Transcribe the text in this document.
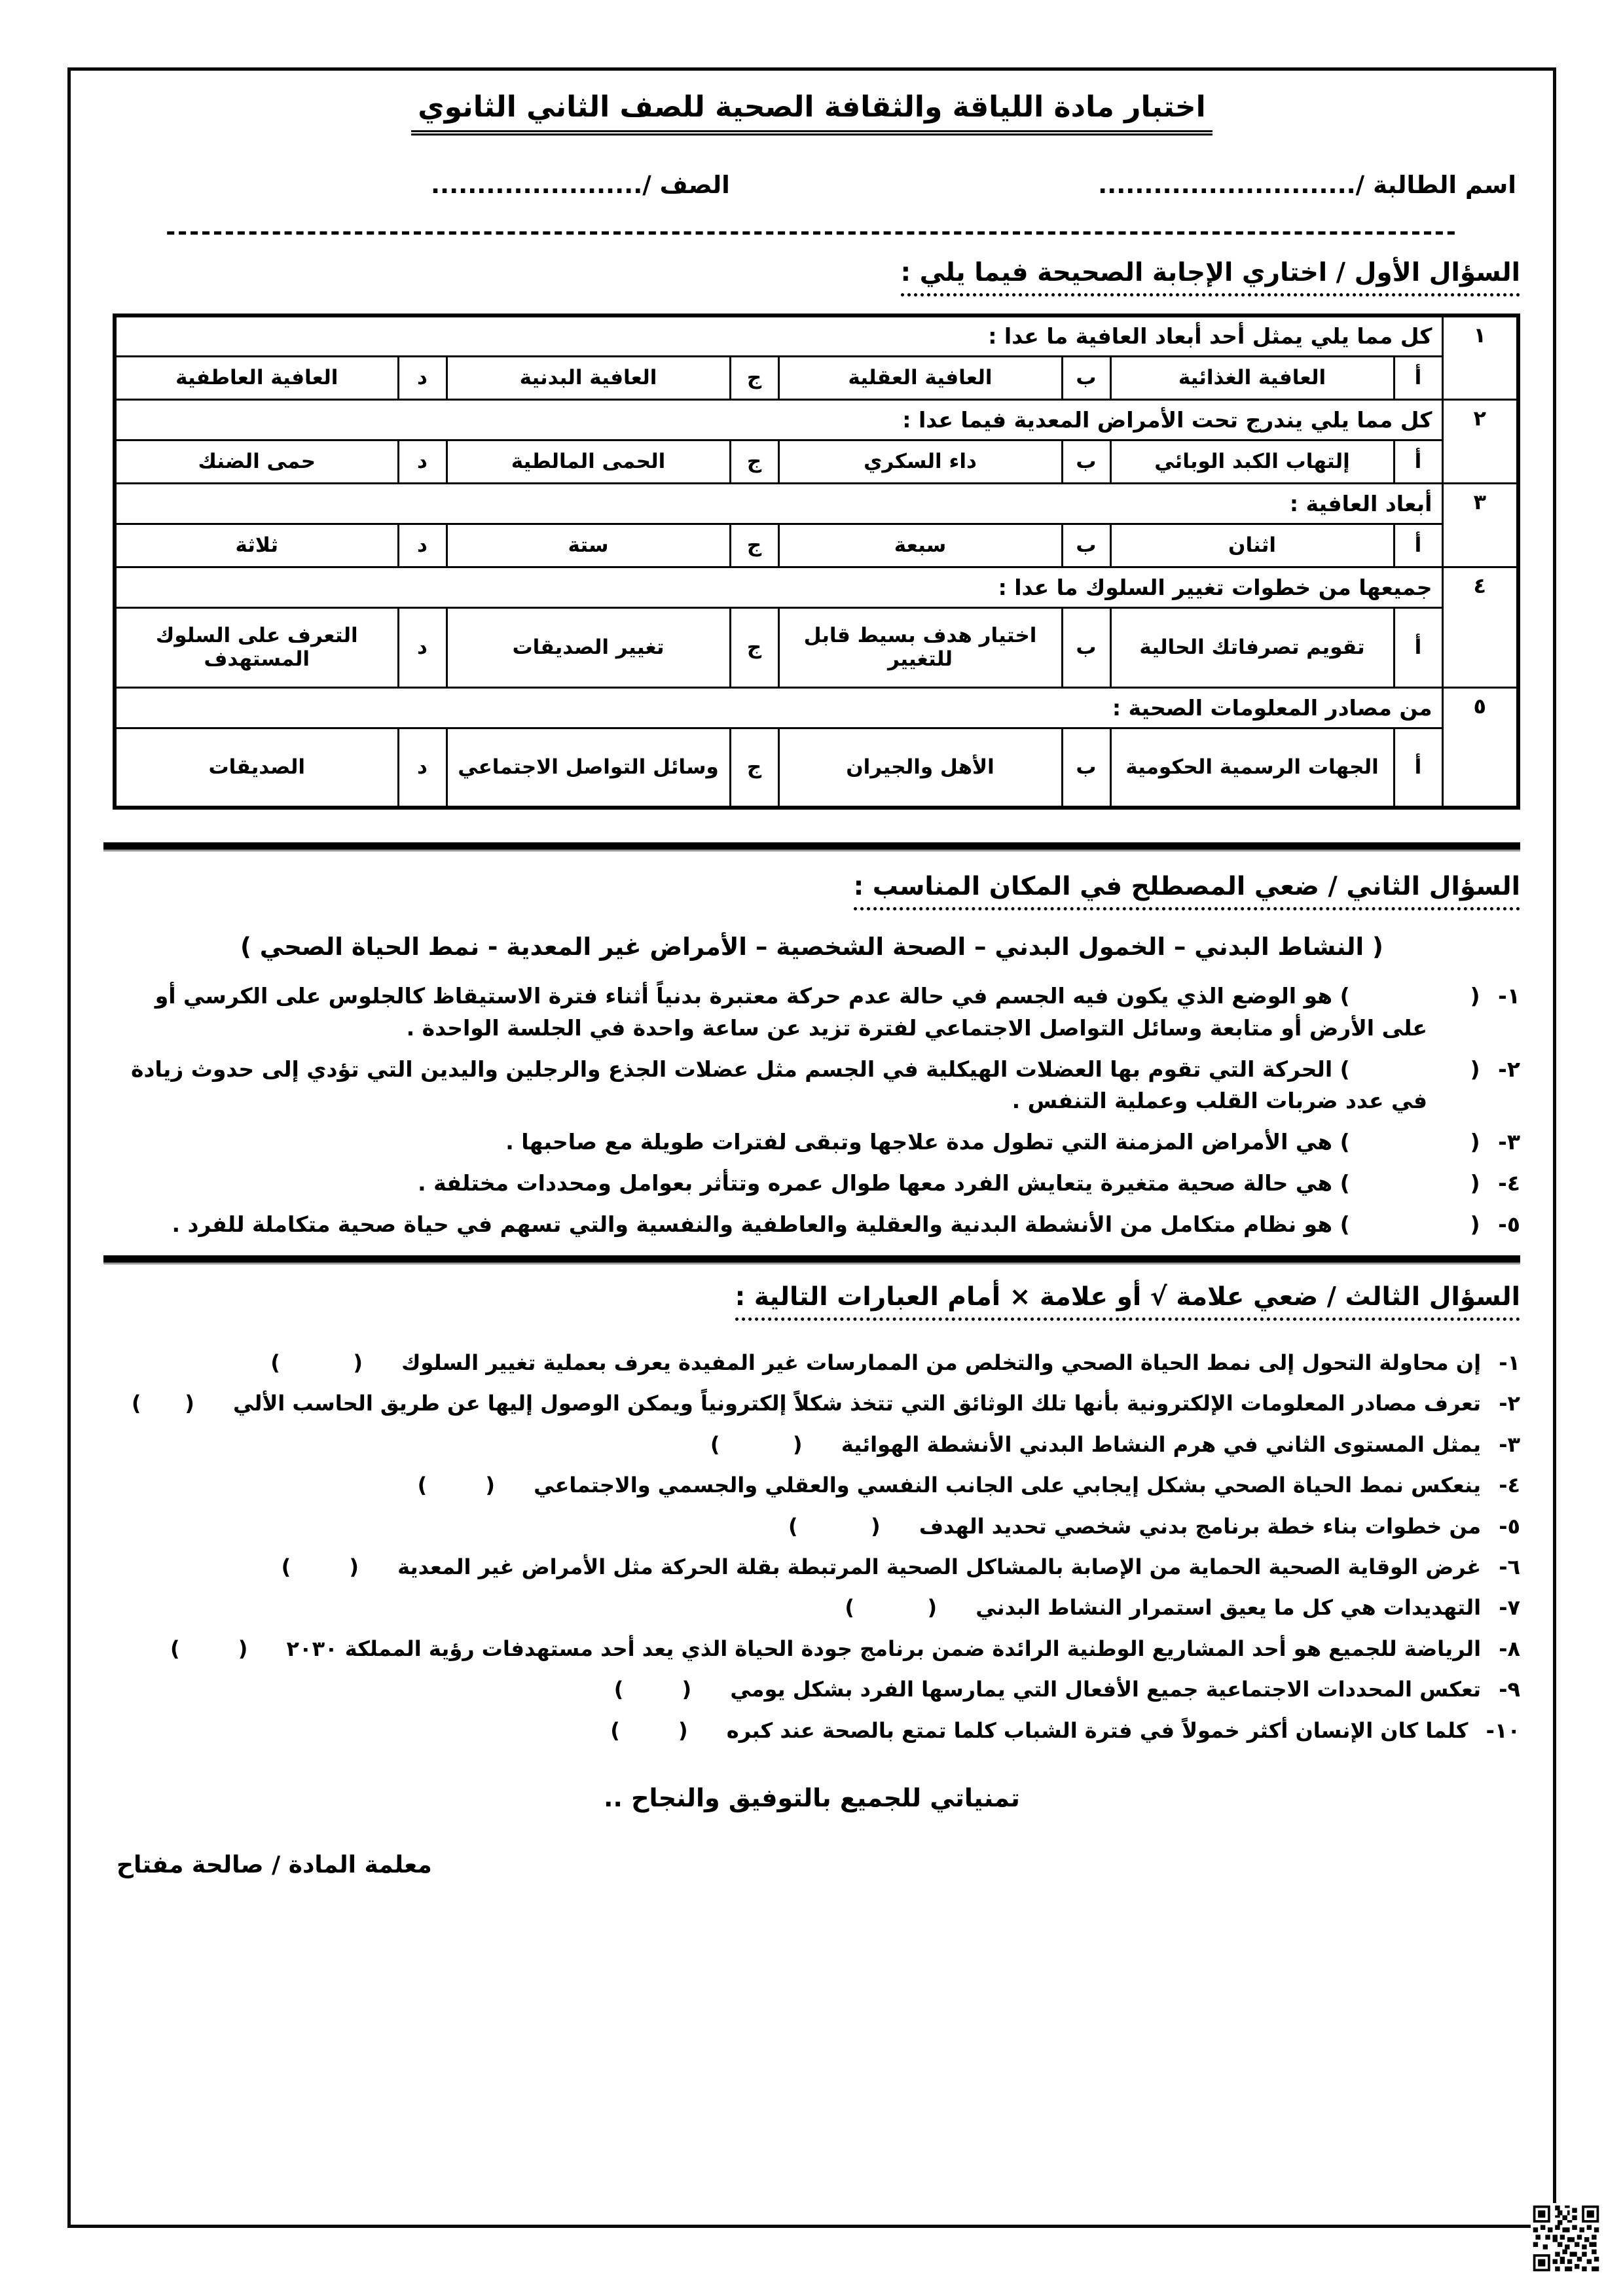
اختبار مادة اللياقة والثقافة الصحية للصف الثاني الثانوي
اسم الطالبة /............................
الصف /.......................
--------------------------------------------------------------------------------------------------------------
السؤال الأول / اختاري الإجابة الصحيحة فيما يلي :
١	كل مما يلي يمثل أحد أبعاد العافية ما عدا :							
	أ	العافية الغذائية	ب	العافية العقلية	ج	العافية البدنية	د	العافية العاطفية
٢	كل مما يلي يندرج تحت الأمراض المعدية فيما عدا :							
	أ	إلتهاب الكبد الوبائي	ب	داء السكري	ج	الحمى المالطية	د	حمى الضنك
٣	أبعاد العافية :							
	أ	اثنان	ب	سبعة	ج	ستة	د	ثلاثة
٤	جميعها من خطوات تغيير السلوك ما عدا :							
	أ	تقويم تصرفاتك الحالية	ب	اختيار هدف بسيط قابل للتغيير	ج	تغيير الصديقات	د	التعرف على السلوك المستهدف
٥	من مصادر المعلومات الصحية :							
	أ	الجهات الرسمية الحكومية	ب	الأهل والجيران	ج	وسائل التواصل الاجتماعي	د	الصديقات
السؤال الثاني / ضعي المصطلح في المكان المناسب :
( النشاط البدني – الخمول البدني – الصحة الشخصية – الأمراض غير المعدية - نمط الحياة الصحي )
١- (                ) هو الوضع الذي يكون فيه الجسم في حالة عدم حركة معتبرة بدنياً أثناء فترة الاستيقاظ كالجلوس على الكرسي أو على الأرض أو متابعة وسائل التواصل الاجتماعي لفترة تزيد عن ساعة واحدة في الجلسة الواحدة .
٢- (                ) الحركة التي تقوم بها العضلات الهيكلية في الجسم مثل عضلات الجذع والرجلين واليدين التي تؤدي إلى حدوث زيادة في عدد ضربات القلب وعملية التنفس .
٣- (                ) هي الأمراض المزمنة التي تطول مدة علاجها وتبقى لفترات طويلة مع صاحبها .
٤- (                ) هي حالة صحية متغيرة يتعايش الفرد معها طوال عمره وتتأثر بعوامل ومحددات مختلفة .
٥- (                ) هو نظام متكامل من الأنشطة البدنية والعقلية والعاطفية والنفسية والتي تسهم في حياة صحية متكاملة للفرد .
السؤال الثالث / ضعي علامة √ أو علامة × أمام العبارات التالية :
١- إن محاولة التحول إلى نمط الحياة الصحي والتخلص من الممارسات غير المفيدة يعرف بعملية تغيير السلوك (          )
٢- تعرف مصادر المعلومات الإلكترونية بأنها تلك الوثائق التي تتخذ شكلاً إلكترونياً ويمكن الوصول إليها عن طريق الحاسب الألي (      )
٣- يمثل المستوى الثاني في هرم النشاط البدني الأنشطة الهوائية (          )
٤- ينعكس نمط الحياة الصحي بشكل إيجابي على الجانب النفسي والعقلي والجسمي والاجتماعي (        )
٥- من خطوات بناء خطة برنامج بدني شخصي تحديد الهدف (          )
٦- غرض الوقاية الصحية الحماية من الإصابة بالمشاكل الصحية المرتبطة بقلة الحركة مثل الأمراض غير المعدية (        )
٧- التهديدات هي كل ما يعيق استمرار النشاط البدني (          )
٨- الرياضة للجميع هو أحد المشاريع الوطنية الرائدة ضمن برنامج جودة الحياة الذي يعد أحد مستهدفات رؤية المملكة ٢٠٣٠ (        )
٩- تعكس المحددات الاجتماعية جميع الأفعال التي يمارسها الفرد بشكل يومي (        )
١٠- كلما كان الإنسان أكثر خمولاً في فترة الشباب كلما تمتع بالصحة عند كبره (        )
تمنياتي للجميع بالتوفيق والنجاح ..
معلمة المادة / صالحة مفتاح
